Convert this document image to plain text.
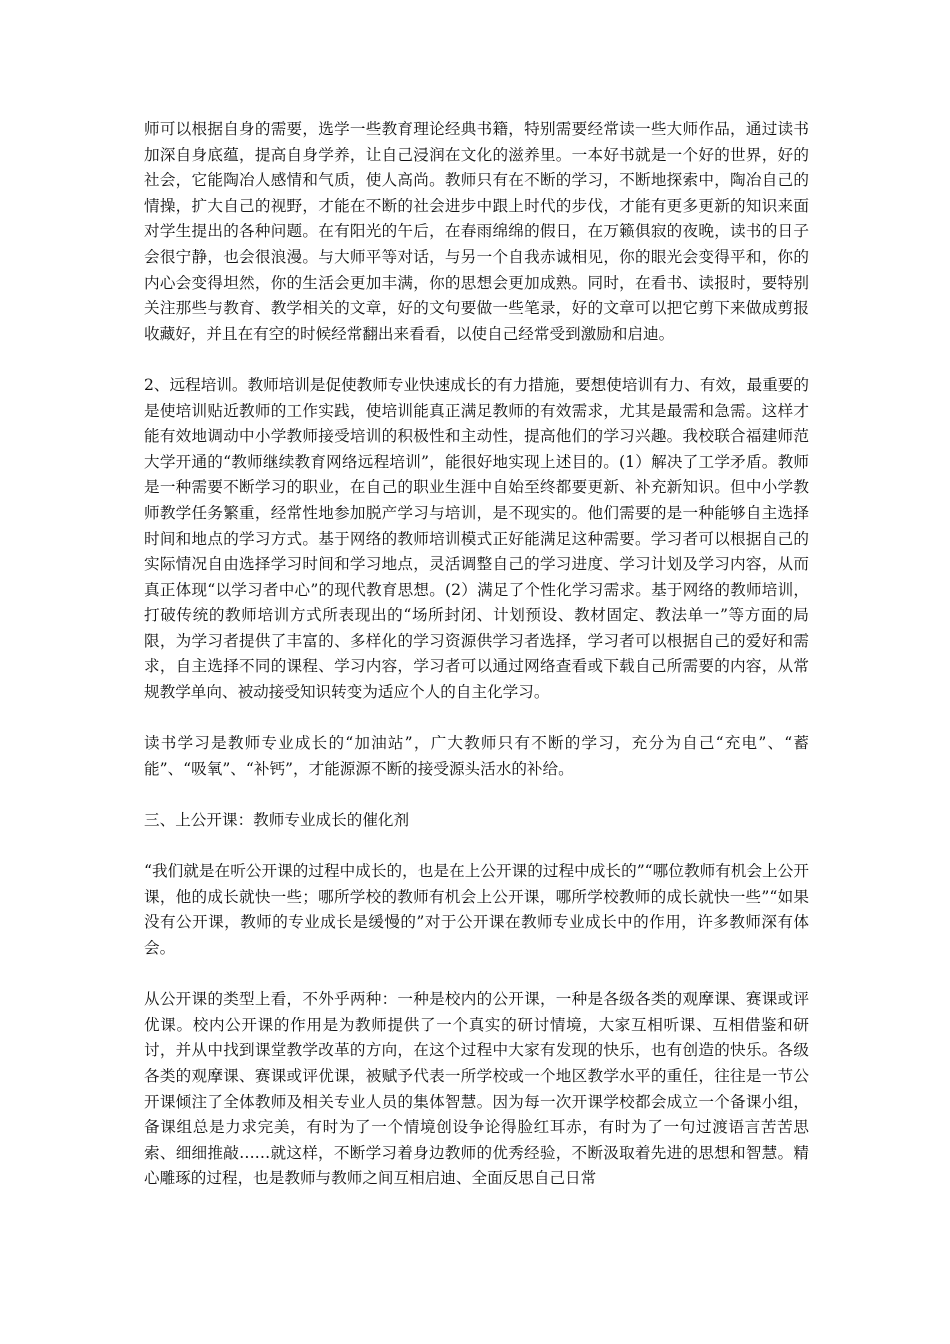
师可以根据自身的需要，选学一些教育理论经典书籍，特别需要经常读一些大师作品，通过读书加深自身底蕴，提高自身学养，让自己浸润在文化的滋养里。一本好书就是一个好的世界，好的社会，它能陶冶人感情和气质，使人高尚。教师只有在不断的学习，不断地探索中，陶冶自己的情操，扩大自己的视野，才能在不断的社会进步中跟上时代的步伐，才能有更多更新的知识来面对学生提出的各种问题。在有阳光的午后，在春雨绵绵的假日，在万籁俱寂的夜晚，读书的日子会很宁静，也会很浪漫。与大师平等对话，与另一个自我赤诚相见，你的眼光会变得平和，你的内心会变得坦然，你的生活会更加丰满，你的思想会更加成熟。同时，在看书、读报时，要特别关注那些与教育、教学相关的文章，好的文句要做一些笔录，好的文章可以把它剪下来做成剪报收藏好，并且在有空的时候经常翻出来看看，以使自己经常受到激励和启迪。

2、远程培训。教师培训是促使教师专业快速成长的有力措施，要想使培训有力、有效，最重要的是使培训贴近教师的工作实践，使培训能真正满足教师的有效需求，尤其是最需和急需。这样才能有效地调动中小学教师接受培训的积极性和主动性，提高他们的学习兴趣。我校联合福建师范大学开通的“教师继续教育网络远程培训”，能很好地实现上述目的。(1）解决了工学矛盾。教师是一种需要不断学习的职业，在自己的职业生涯中自始至终都要更新、补充新知识。但中小学教师教学任务繁重，经常性地参加脱产学习与培训，是不现实的。他们需要的是一种能够自主选择时间和地点的学习方式。基于网络的教师培训模式正好能满足这种需要。学习者可以根据自己的实际情况自由选择学习时间和学习地点，灵活调整自己的学习进度、学习计划及学习内容，从而真正体现“以学习者中心”的现代教育思想。(2）满足了个性化学习需求。基于网络的教师培训，打破传统的教师培训方式所表现出的“场所封闭、计划预设、教材固定、教法单一”等方面的局限，为学习者提供了丰富的、多样化的学习资源供学习者选择，学习者可以根据自己的爱好和需求，自主选择不同的课程、学习内容，学习者可以通过网络查看或下载自己所需要的内容，从常规教学单向、被动接受知识转变为适应个人的自主化学习。

读书学习是教师专业成长的“加油站”，广大教师只有不断的学习，充分为自己“充电”、“蓄能”、“吸氧”、“补钙”，才能源源不断的接受源头活水的补给。

三、上公开课：教师专业成长的催化剂

“我们就是在听公开课的过程中成长的，也是在上公开课的过程中成长的”“哪位教师有机会上公开课，他的成长就快一些；哪所学校的教师有机会上公开课，哪所学校教师的成长就快一些”“如果没有公开课，教师的专业成长是缓慢的”对于公开课在教师专业成长中的作用，许多教师深有体会。

从公开课的类型上看，不外乎两种：一种是校内的公开课，一种是各级各类的观摩课、赛课或评优课。校内公开课的作用是为教师提供了一个真实的研讨情境，大家互相听课、互相借鉴和研讨，并从中找到课堂教学改革的方向，在这个过程中大家有发现的快乐，也有创造的快乐。各级各类的观摩课、赛课或评优课，被赋予代表一所学校或一个地区教学水平的重任，往往是一节公开课倾注了全体教师及相关专业人员的集体智慧。因为每一次开课学校都会成立一个备课小组，备课组总是力求完美，有时为了一个情境创设争论得脸红耳赤，有时为了一句过渡语言苦苦思索、细细推敲……就这样，不断学习着身边教师的优秀经验，不断汲取着先进的思想和智慧。精心雕琢的过程，也是教师与教师之间互相启迪、全面反思自己日常
